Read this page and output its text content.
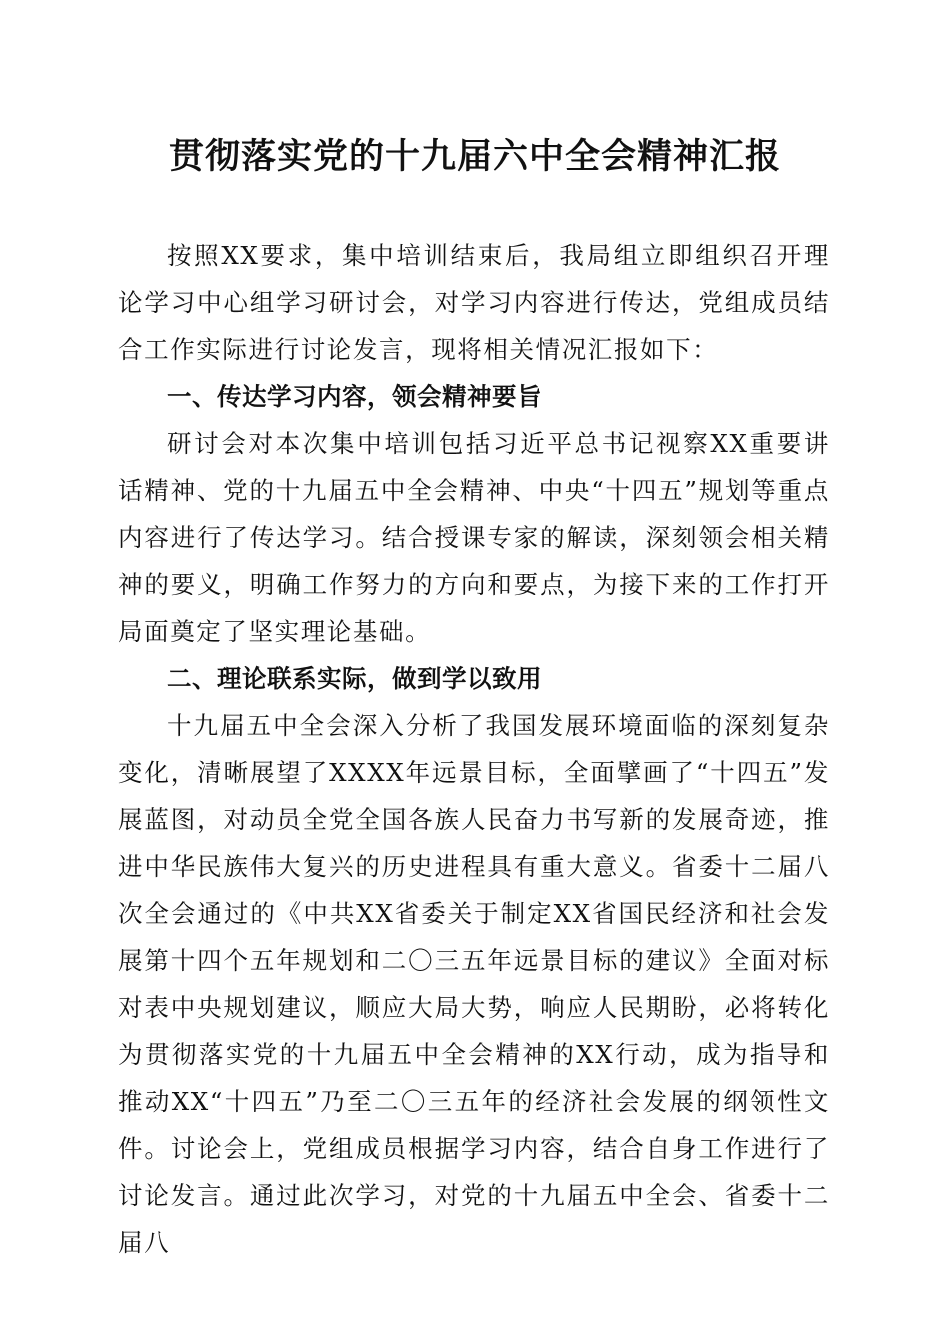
贯彻落实党的十九届六中全会精神汇报

按照XX要求，集中培训结束后，我局组立即组织召开理论学习中心组学习研讨会，对学习内容进行传达，党组成员结合工作实际进行讨论发言，现将相关情况汇报如下：

一、传达学习内容，领会精神要旨

研讨会对本次集中培训包括习近平总书记视察XX重要讲话精神、党的十九届五中全会精神、中央“十四五”规划等重点内容进行了传达学习。结合授课专家的解读，深刻领会相关精神的要义，明确工作努力的方向和要点，为接下来的工作打开局面奠定了坚实理论基础。

二、理论联系实际，做到学以致用

十九届五中全会深入分析了我国发展环境面临的深刻复杂变化，清晰展望了XXXX年远景目标，全面擘画了“十四五”发展蓝图，对动员全党全国各族人民奋力书写新的发展奇迹，推进中华民族伟大复兴的历史进程具有重大意义。省委十二届八次全会通过的《中共XX省委关于制定XX省国民经济和社会发展第十四个五年规划和二〇三五年远景目标的建议》全面对标对表中央规划建议，顺应大局大势，响应人民期盼，必将转化为贯彻落实党的十九届五中全会精神的XX行动，成为指导和推动XX“十四五”乃至二〇三五年的经济社会发展的纲领性文件。讨论会上，党组成员根据学习内容，结合自身工作进行了讨论发言。通过此次学习，对党的十九届五中全会、省委十二届八
